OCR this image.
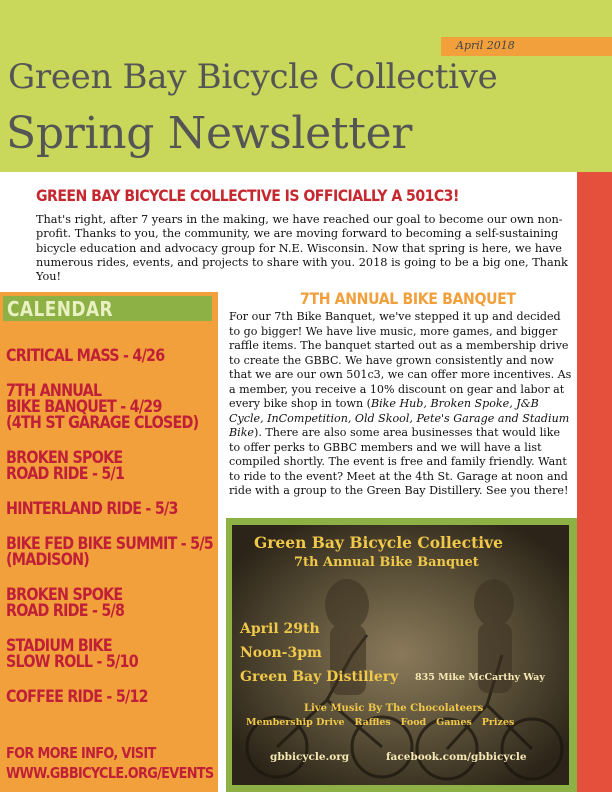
April 2018
Green Bay Bicycle Collective
Spring Newsletter
GREEN BAY BICYCLE COLLECTIVE IS OFFICIALLY A 501C3!
That's right, after 7 years in the making, we have reached our goal to become our own non-profit. Thanks to you, the community, we are moving forward to becoming a self-sustaining bicycle education and advocacy group for N.E. Wisconsin. Now that spring is here, we have numerous rides, events, and projects to share with you. 2018 is going to be a big one, Thank You!
CALENDAR
CRITICAL MASS - 4/26
7TH ANNUAL
BIKE BANQUET - 4/29
(4TH ST GARAGE CLOSED)
BROKEN SPOKE
ROAD RIDE - 5/1
HINTERLAND RIDE - 5/3
BIKE FED BIKE SUMMIT - 5/5
(MADISON)
BROKEN SPOKE
ROAD RIDE - 5/8
STADIUM BIKE
SLOW ROLL - 5/10
COFFEE RIDE - 5/12
FOR MORE INFO, VISIT
WWW.GBBICYCLE.ORG/EVENTS
7TH ANNUAL BIKE BANQUET
For our 7th Bike Banquet, we've stepped it up and decided to go bigger! We have live music, more games, and bigger raffle items. The banquet started out as a membership drive to create the GBBC. We have grown consistently and now that we are our own 501c3, we can offer more incentives. As a member, you receive a 10% discount on gear and labor at every bike shop in town (Bike Hub, Broken Spoke, J&B Cycle, InCompetition, Old Skool, Pete's Garage and Stadium Bike). There are also some area businesses that would like to offer perks to GBBC members and we will have a list compiled shortly. The event is free and family friendly. Want to ride to the event? Meet at the 4th St. Garage at noon and ride with a group to the Green Bay Distillery. See you there!
Green Bay Bicycle Collective
7th Annual Bike Banquet
April 29th
Noon-3pm
Green Bay Distillery 835 Mike McCarthy Way
Live Music By The Chocolateers
Membership Drive   Raffles   Food   Games   Prizes
gbbicycle.org	facebook.com/gbbicycle
